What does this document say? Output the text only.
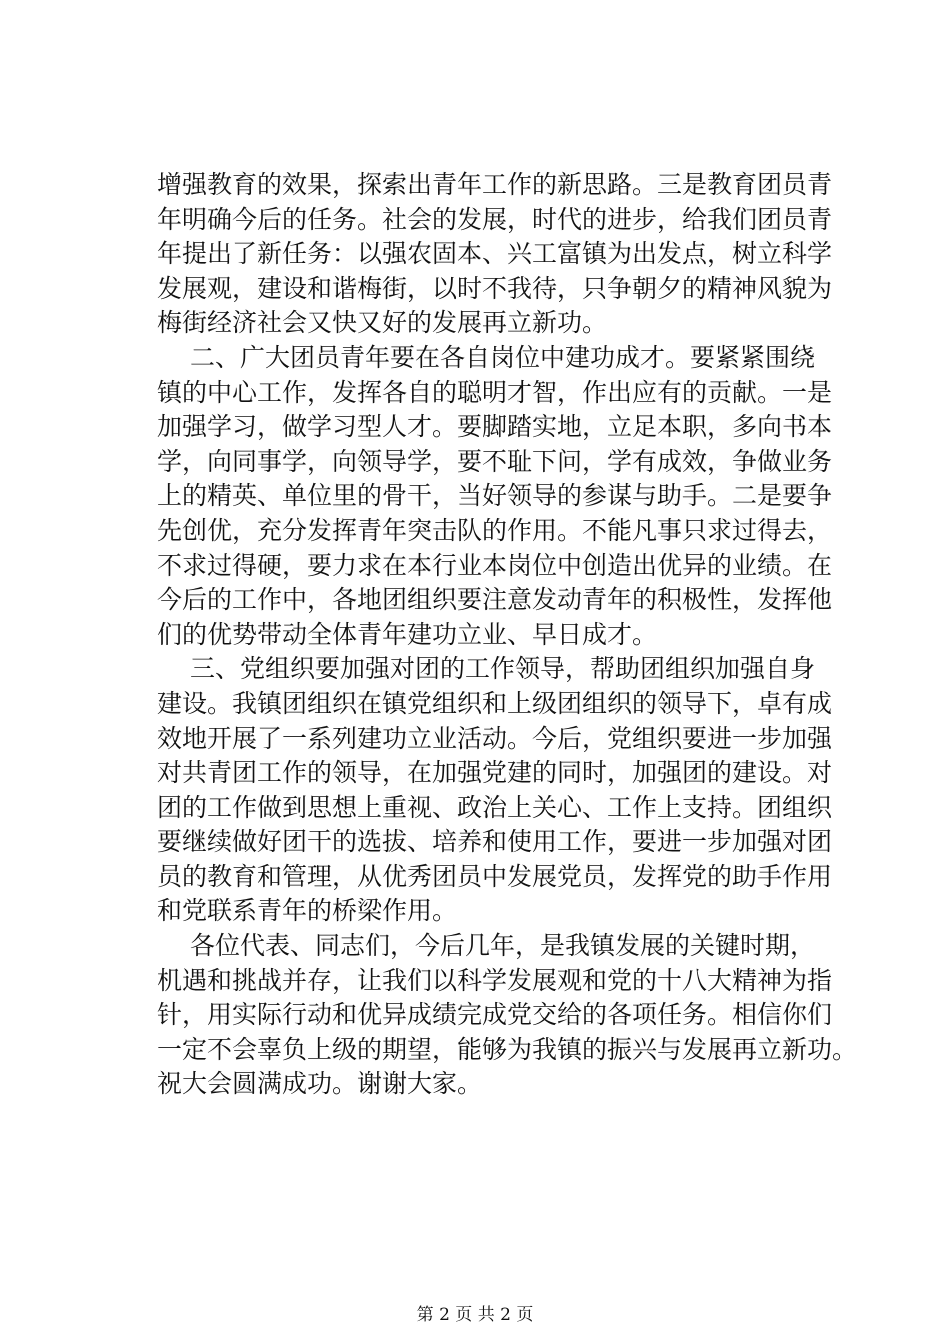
增强教育的效果，探索出青年工作的新思路。三是教育团员青
年明确今后的任务。社会的发展，时代的进步，给我们团员青
年提出了新任务：以强农固本、兴工富镇为出发点，树立科学
发展观，建设和谐梅街，以时不我待，只争朝夕的精神风貌为
梅街经济社会又快又好的发展再立新功。
二、广大团员青年要在各自岗位中建功成才。要紧紧围绕
镇的中心工作，发挥各自的聪明才智，作出应有的贡献。一是
加强学习，做学习型人才。要脚踏实地，立足本职，多向书本
学，向同事学，向领导学，要不耻下问，学有成效，争做业务
上的精英、单位里的骨干，当好领导的参谋与助手。二是要争
先创优，充分发挥青年突击队的作用。不能凡事只求过得去，
不求过得硬，要力求在本行业本岗位中创造出优异的业绩。在
今后的工作中，各地团组织要注意发动青年的积极性，发挥他
们的优势带动全体青年建功立业、早日成才。
三、党组织要加强对团的工作领导，帮助团组织加强自身
建设。我镇团组织在镇党组织和上级团组织的领导下，卓有成
效地开展了一系列建功立业活动。今后，党组织要进一步加强
对共青团工作的领导，在加强党建的同时，加强团的建设。对
团的工作做到思想上重视、政治上关心、工作上支持。团组织
要继续做好团干的选拔、培养和使用工作，要进一步加强对团
员的教育和管理，从优秀团员中发展党员，发挥党的助手作用
和党联系青年的桥梁作用。
各位代表、同志们，今后几年，是我镇发展的关键时期，
机遇和挑战并存，让我们以科学发展观和党的十八大精神为指
针，用实际行动和优异成绩完成党交给的各项任务。相信你们
一定不会辜负上级的期望，能够为我镇的振兴与发展再立新功。
祝大会圆满成功。谢谢大家。
第 2 页 共 2 页
